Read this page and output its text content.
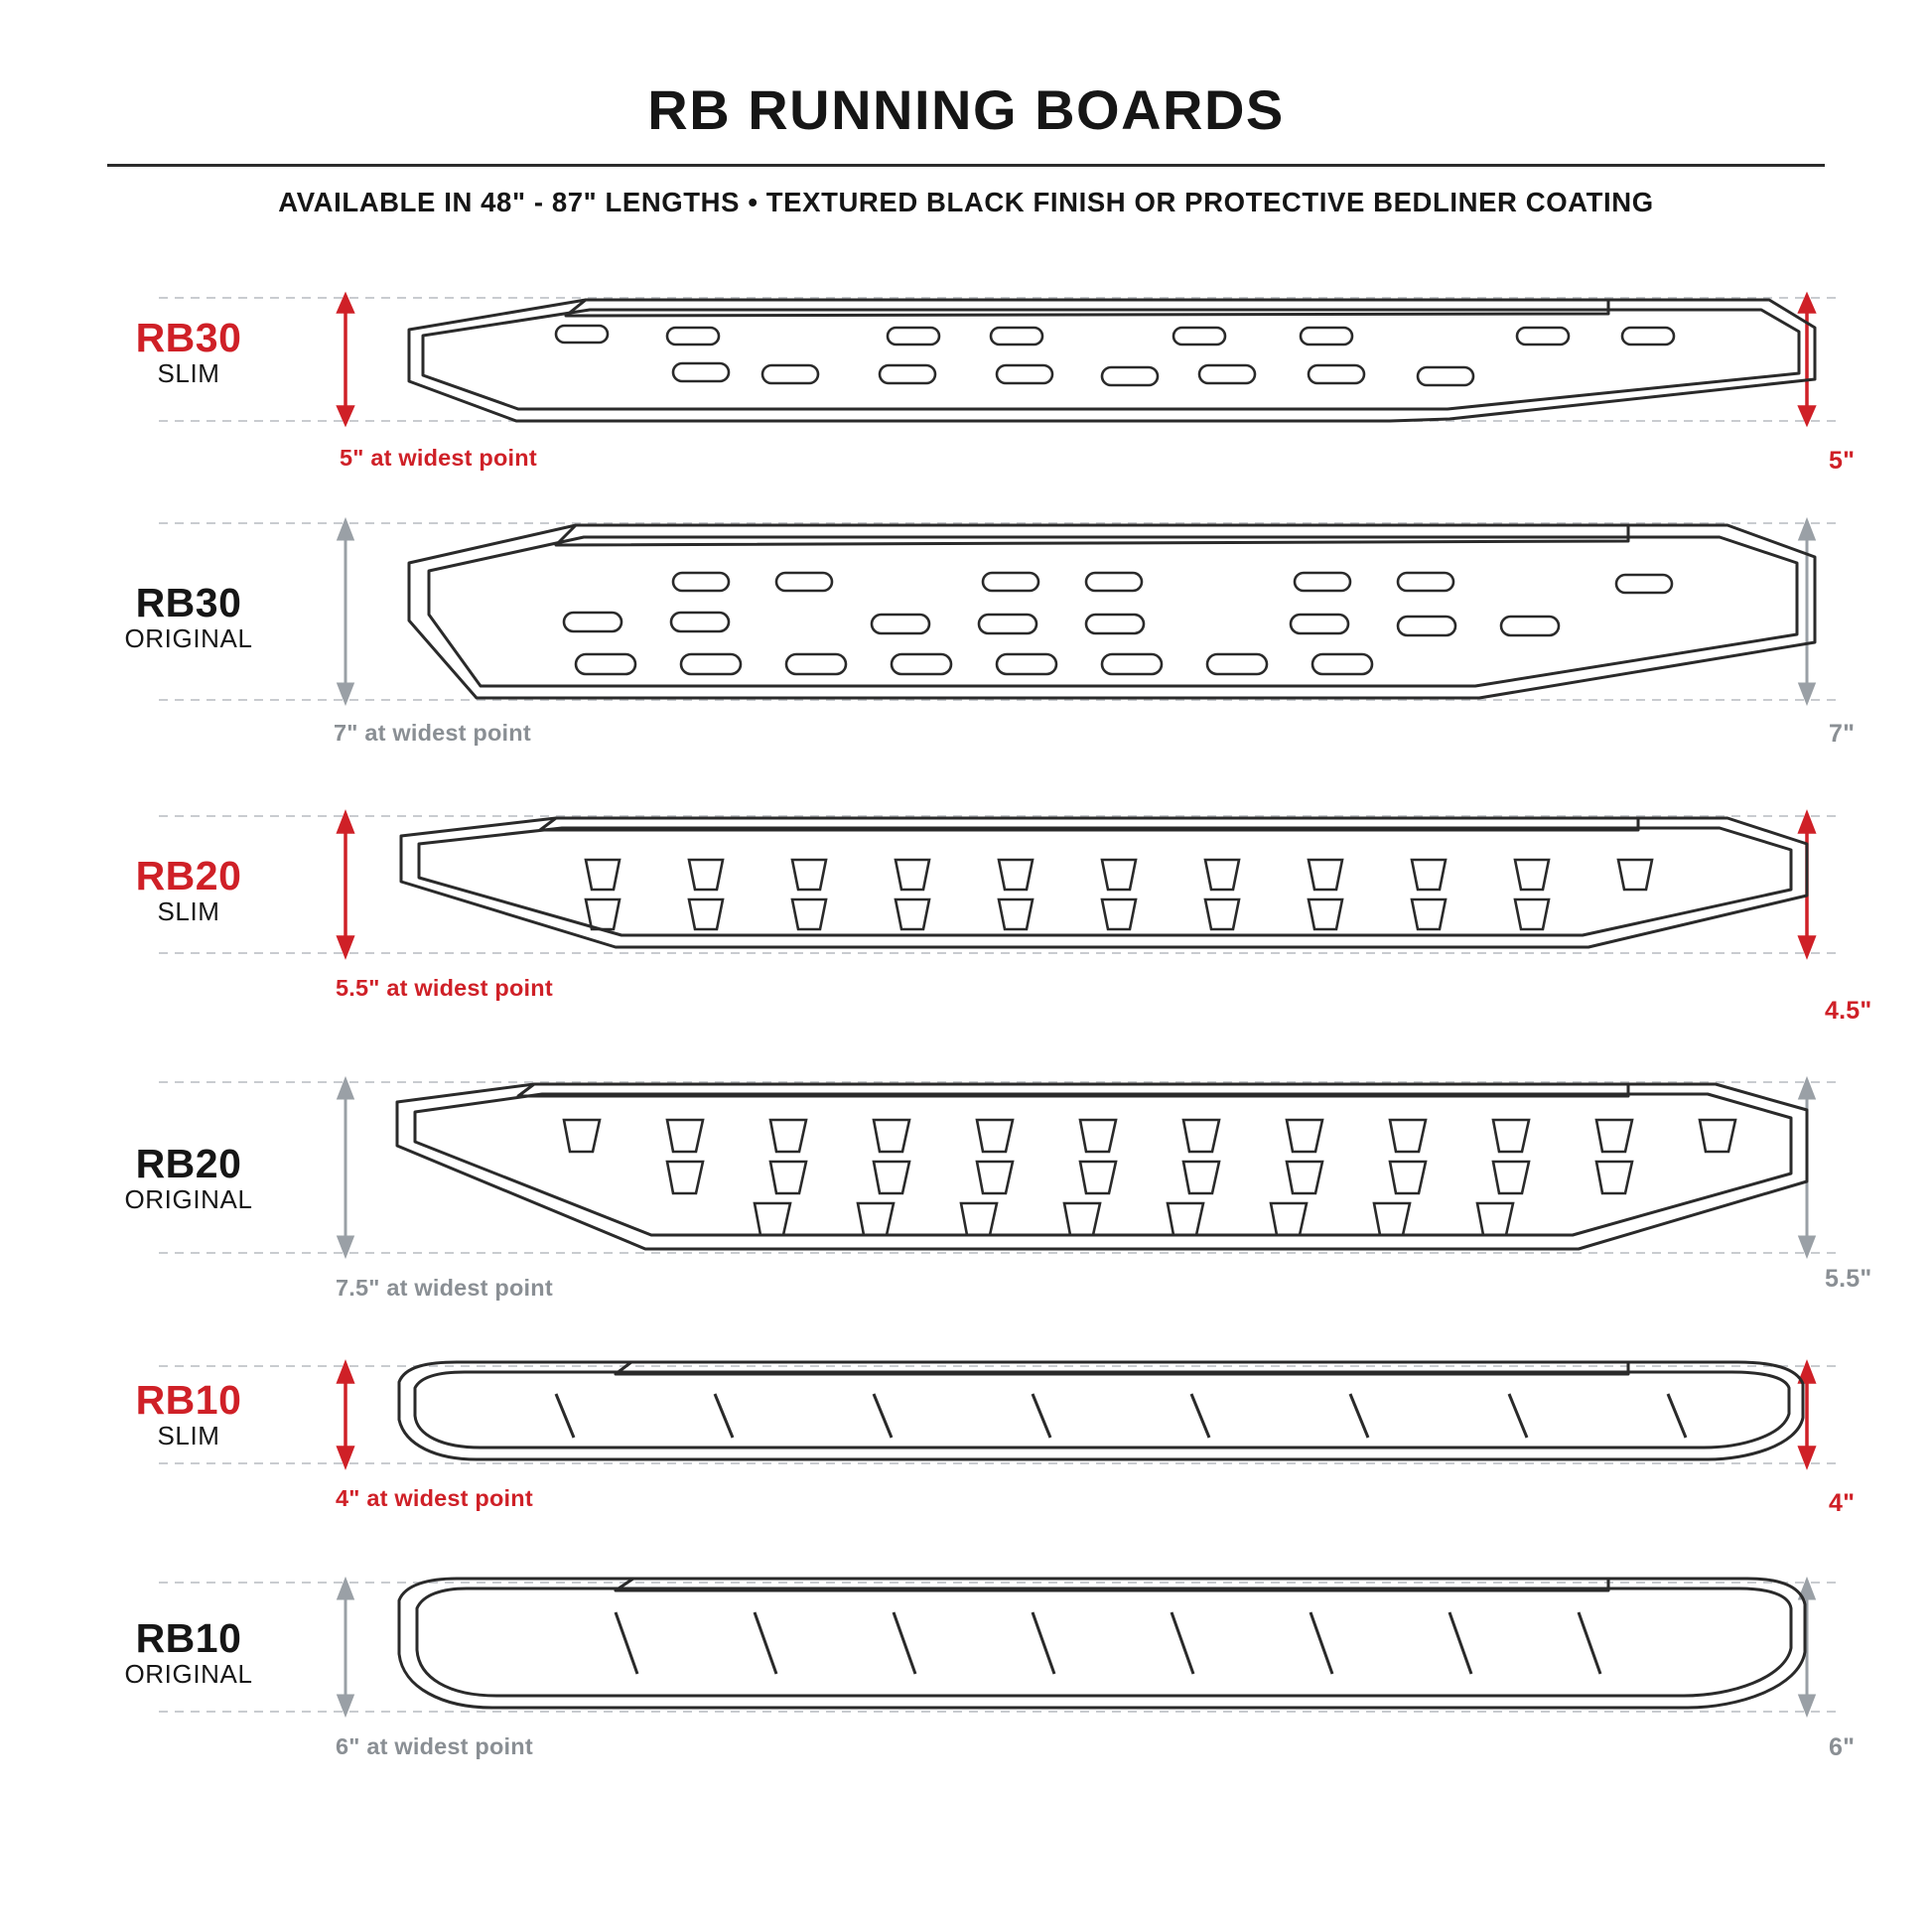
RB RUNNING BOARDS
AVAILABLE IN 48" - 87" LENGTHS • TEXTURED BLACK FINISH OR PROTECTIVE BEDLINER COATING
RB30
SLIM
5" at widest point	5"
RB30
ORIGINAL
7" at widest point	7"
RB20
SLIM
5.5" at widest point
4.5"
RB20
ORIGINAL
7.5" at widest point	5.5"
RB10
SLIM
4" at widest point	4"
RB10
ORIGINAL
6" at widest point	6"
